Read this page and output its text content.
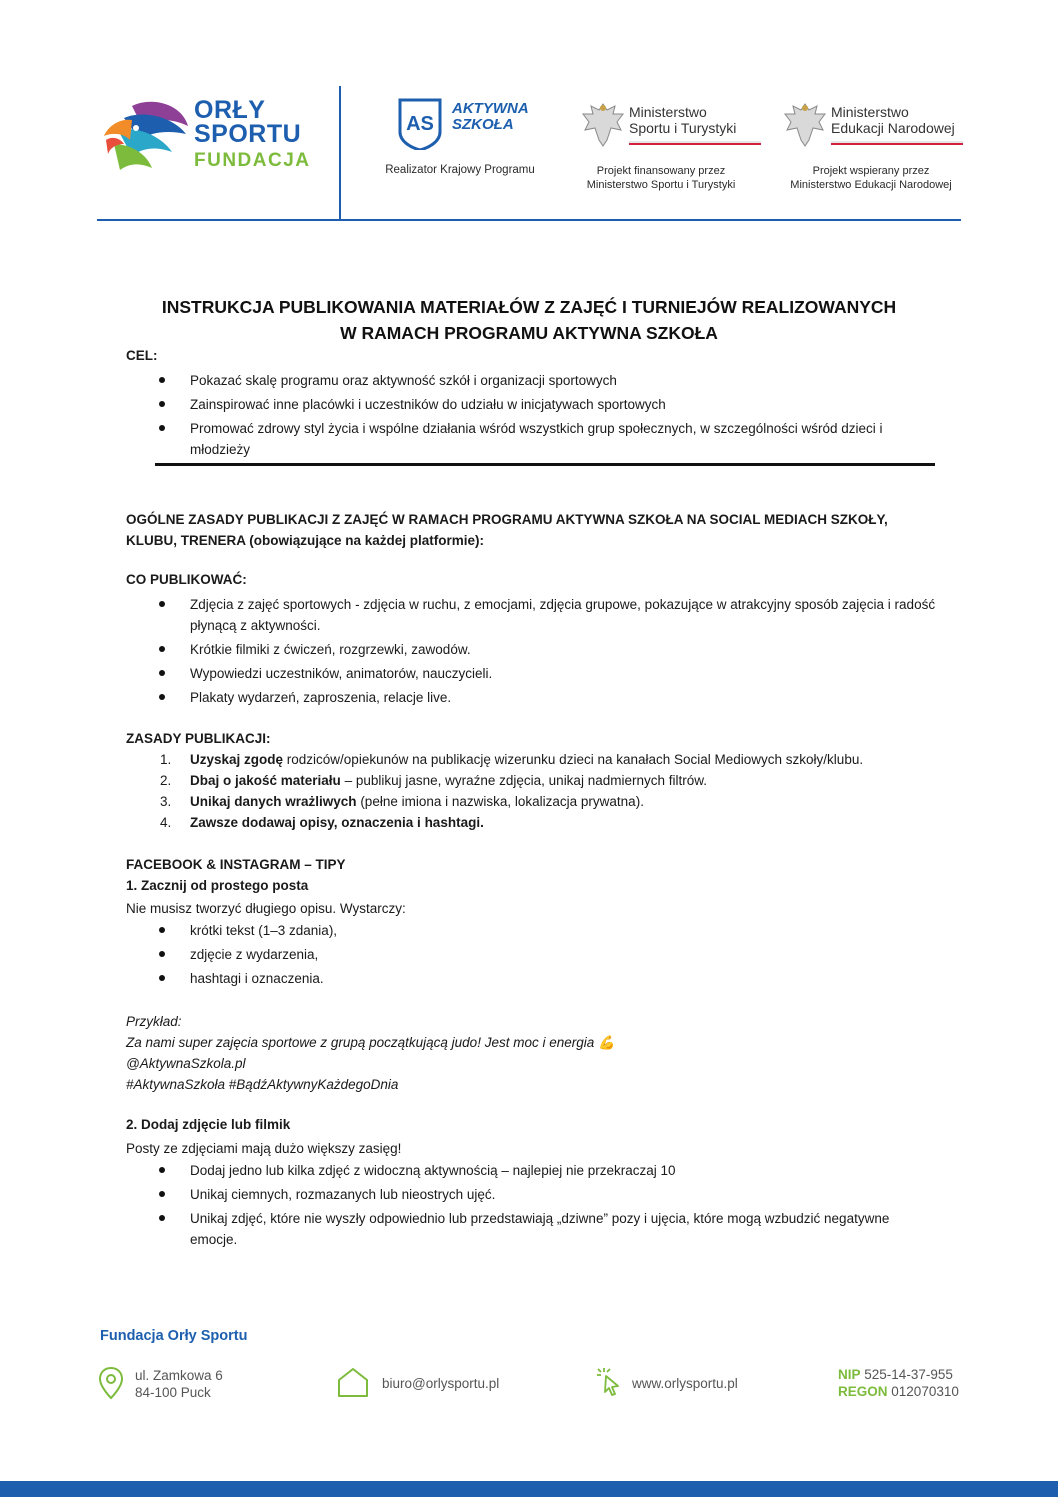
ORŁY
SPORTU
FUNDACJA
AS
AKTYWNA
SZKOŁA
Realizator Krajowy Programu
Ministerstwo
Sportu i Turystyki
Projekt finansowany przez
Ministerstwo Sportu i Turystyki
Ministerstwo
Edukacji Narodowej
Projekt wspierany przez
Ministerstwo Edukacji Narodowej
INSTRUKCJA PUBLIKOWANIA MATERIAŁÓW Z ZAJĘĆ I TURNIEJÓW REALIZOWANYCH
W RAMACH PROGRAMU AKTYWNA SZKOŁA
CEL:
Pokazać skalę programu oraz aktywność szkół i organizacji sportowych
Zainspirować inne placówki i uczestników do udziału w inicjatywach sportowych
Promować zdrowy styl życia i wspólne działania wśród wszystkich grup społecznych, w szczególności wśród dzieci i młodzieży
OGÓLNE ZASADY PUBLIKACJI Z ZAJĘĆ W RAMACH PROGRAMU AKTYWNA SZKOŁA NA SOCIAL MEDIACH SZKOŁY, KLUBU, TRENERA (obowiązujące na każdej platformie):
CO PUBLIKOWAĆ:
Zdjęcia z zajęć sportowych - zdjęcia w ruchu, z emocjami, zdjęcia grupowe, pokazujące w atrakcyjny sposób zajęcia i radość płynącą z aktywności.
Krótkie filmiki z ćwiczeń, rozgrzewki, zawodów.
Wypowiedzi uczestników, animatorów, nauczycieli.
Plakaty wydarzeń, zaproszenia, relacje live.
ZASADY PUBLIKACJI:
1. Uzyskaj zgodę rodziców/opiekunów na publikację wizerunku dzieci na kanałach Social Mediowych szkoły/klubu.
2. Dbaj o jakość materiału – publikuj jasne, wyraźne zdjęcia, unikaj nadmiernych filtrów.
3. Unikaj danych wrażliwych (pełne imiona i nazwiska, lokalizacja prywatna).
4. Zawsze dodawaj opisy, oznaczenia i hashtagi.
FACEBOOK & INSTAGRAM – TIPY
1. Zacznij od prostego posta
Nie musisz tworzyć długiego opisu. Wystarczy:
krótki tekst (1–3 zdania),
zdjęcie z wydarzenia,
hashtagi i oznaczenia.
Przykład:
Za nami super zajęcia sportowe z grupą początkującą judo! Jest moc i energia 💪
@AktywnaSzkola.pl
#AktywnaSzkoła #BądźAktywnyKażdegoDnia
2. Dodaj zdjęcie lub filmik
Posty ze zdjęciami mają dużo większy zasięg!
Dodaj jedno lub kilka zdjęć z widoczną aktywnością – najlepiej nie przekraczaj 10
Unikaj ciemnych, rozmazanych lub nieostrych ujęć.
Unikaj zdjęć, które nie wyszły odpowiednio lub przedstawiają „dziwne” pozy i ujęcia, które mogą wzbudzić negatywne emocje.
Fundacja Orły Sportu
ul. Zamkowa 6
84-100 Puck
biuro@orlysportu.pl	www.orlysportu.pl
NIP 525-14-37-955
REGON 012070310
